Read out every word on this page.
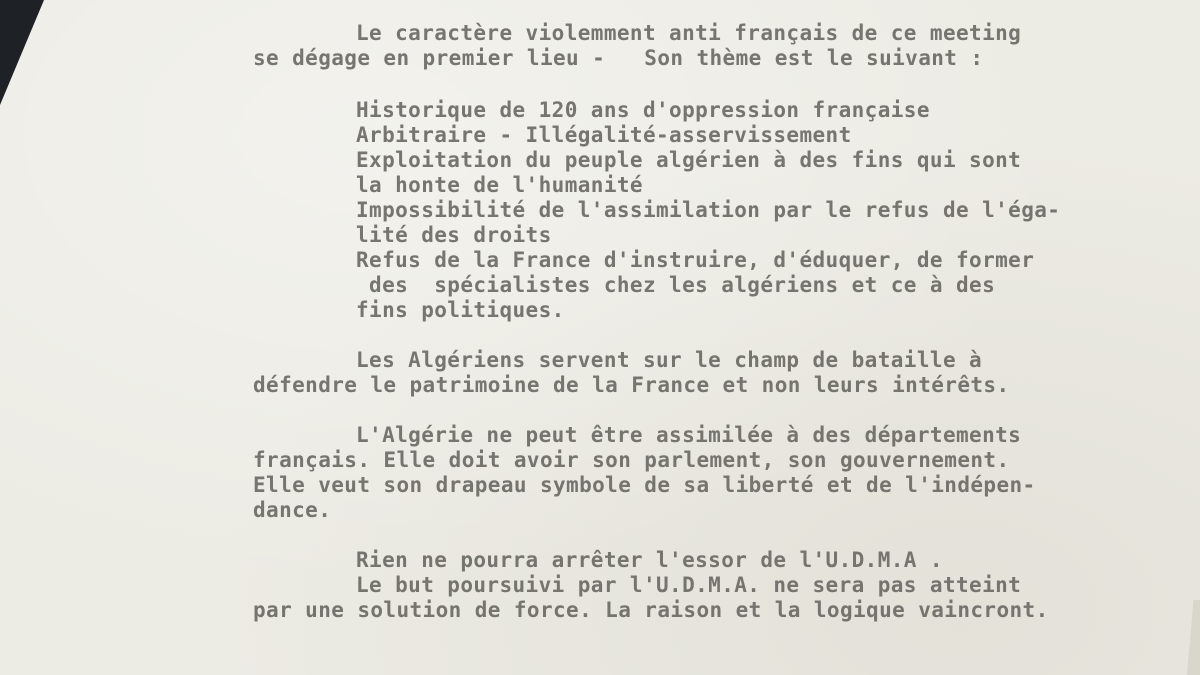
Le caractère violemment anti français de ce meeting
se dégage en premier lieu -   Son thème est le suivant :
Historique de 120 ans d'oppression française
Arbitraire - Illégalité-asservissement
Exploitation du peuple algérien à des fins qui sont
la honte de l'humanité
Impossibilité de l'assimilation par le refus de l'éga-
lité des droits
Refus de la France d'instruire, d'éduquer, de former
des  spécialistes chez les algériens et ce à des
fins politiques.
Les Algériens servent sur le champ de bataille à
défendre le patrimoine de la France et non leurs intérêts.
L'Algérie ne peut être assimilée à des départements
français. Elle doit avoir son parlement, son gouvernement.
Elle veut son drapeau symbole de sa liberté et de l'indépen-
dance.
Rien ne pourra arrêter l'essor de l'U.D.M.A .
Le but poursuivi par l'U.D.M.A. ne sera pas atteint
par une solution de force. La raison et la logique vaincront.
